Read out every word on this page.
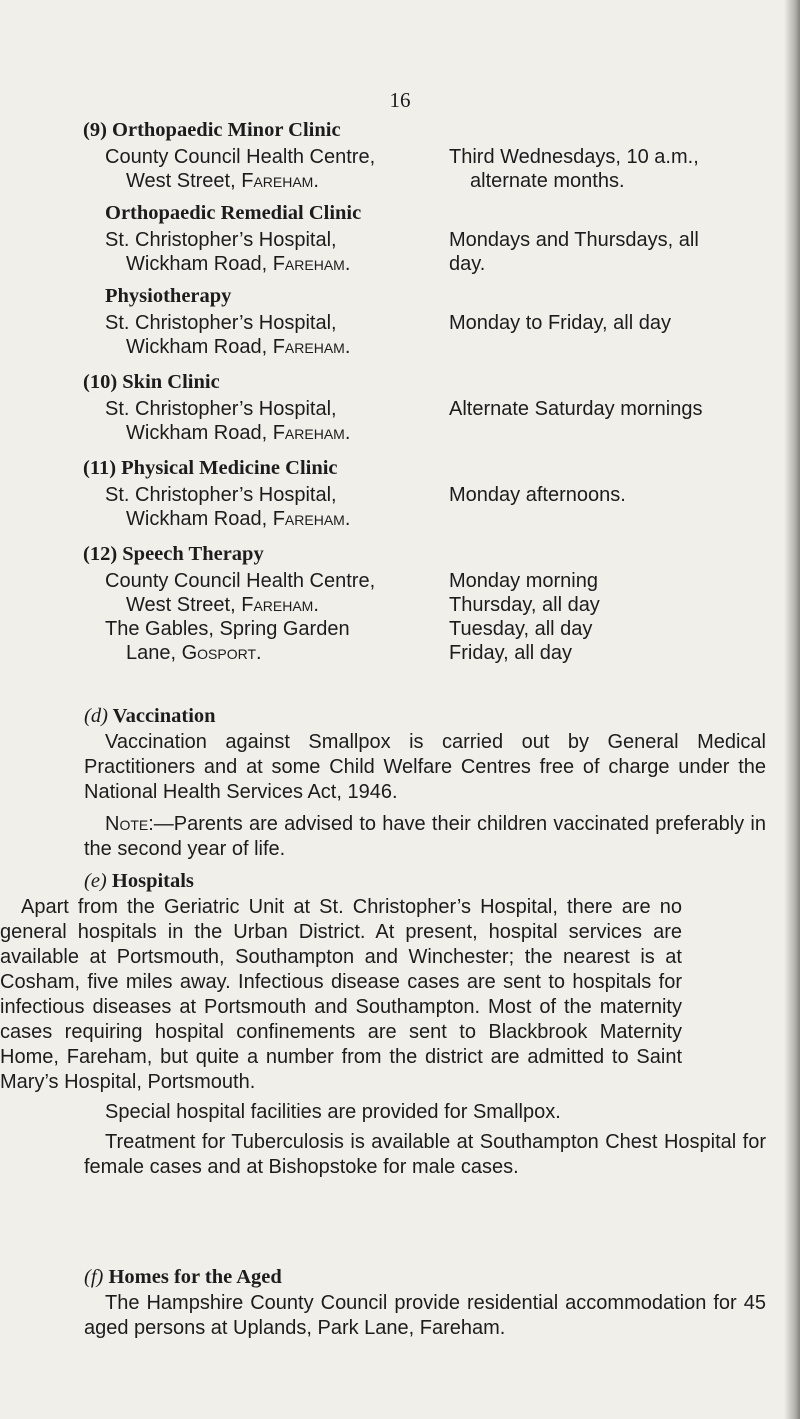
16
(9) Orthopaedic Minor Clinic
County Council Health Centre,
West Street, Fareham.
Third Wednesdays, 10 a.m.,
alternate months.
Orthopaedic Remedial Clinic
St. Christopher’s Hospital,
Wickham Road, Fareham.
Mondays and Thursdays, all
day.
Physiotherapy
St. Christopher’s Hospital,
Wickham Road, Fareham.
Monday to Friday, all day
(10) Skin Clinic
St. Christopher’s Hospital,
Wickham Road, Fareham.
Alternate Saturday mornings
(11) Physical Medicine Clinic
St. Christopher’s Hospital,
Wickham Road, Fareham.
Monday afternoons.
(12) Speech Therapy
County Council Health Centre,
West Street, Fareham.
The Gables, Spring Garden
Lane, Gosport.
Monday morning
Thursday, all day
Tuesday, all day
Friday, all day
(d) Vaccination

Vaccination against Smallpox is carried out by General Medical Practitioners and at some Child Welfare Centres free of charge under the National Health Services Act, 1946.

Note:—Parents are advised to have their children vaccinated preferably in the second year of life.

(e) Hospitals

Apart from the Geriatric Unit at St. Christopher’s Hospital, there are no general hospitals in the Urban District. At present, hospital services are available at Portsmouth, Southampton and Winchester; the nearest is at Cosham, five miles away. Infectious disease cases are sent to hospitals for infectious diseases at Portsmouth and Southampton. Most of the maternity cases requiring hospital confinements are sent to Blackbrook Maternity Home, Fareham, but quite a number from the district are admitted to Saint Mary’s Hospital, Portsmouth.

Special hospital facilities are provided for Smallpox.

Treatment for Tuberculosis is available at Southampton Chest Hospital for female cases and at Bishopstoke for male cases.

(f) Homes for the Aged

The Hampshire County Council provide residential accommodation for 45 aged persons at Uplands, Park Lane, Fareham.
